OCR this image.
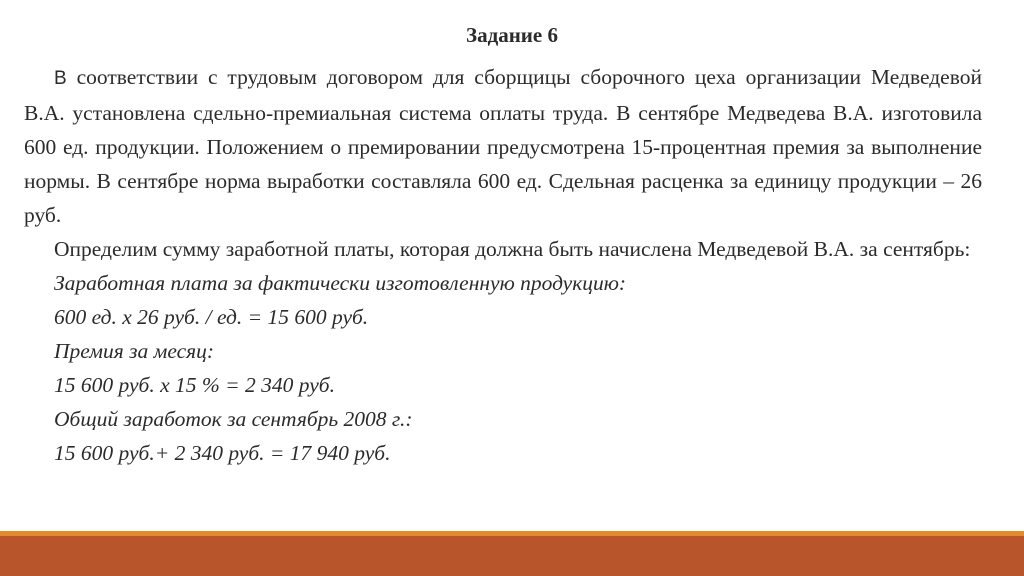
Задание 6

В соответствии с трудовым договором для сборщицы сборочного цеха организации Медведевой В.А. установлена сдельно-премиальная система оплаты труда. В сентябре Медведева В.А. изготовила 600 ед. продукции. Положением о премировании предусмотрена 15-процентная премия за выполнение нормы. В сентябре норма выработки составляла 600 ед. Сдельная расценка за единицу продукции – 26 руб.

Определим сумму заработной платы, которая должна быть начислена Медведевой В.А. за сентябрь:

Заработная плата за фактически изготовленную продукцию:

600 ед. x 26 руб. / ед. = 15 600 руб.

Премия за месяц:

15 600 руб. x 15 % = 2 340 руб.

Общий заработок за сентябрь 2008 г.:

15 600 руб.+ 2 340 руб. = 17 940 руб.
